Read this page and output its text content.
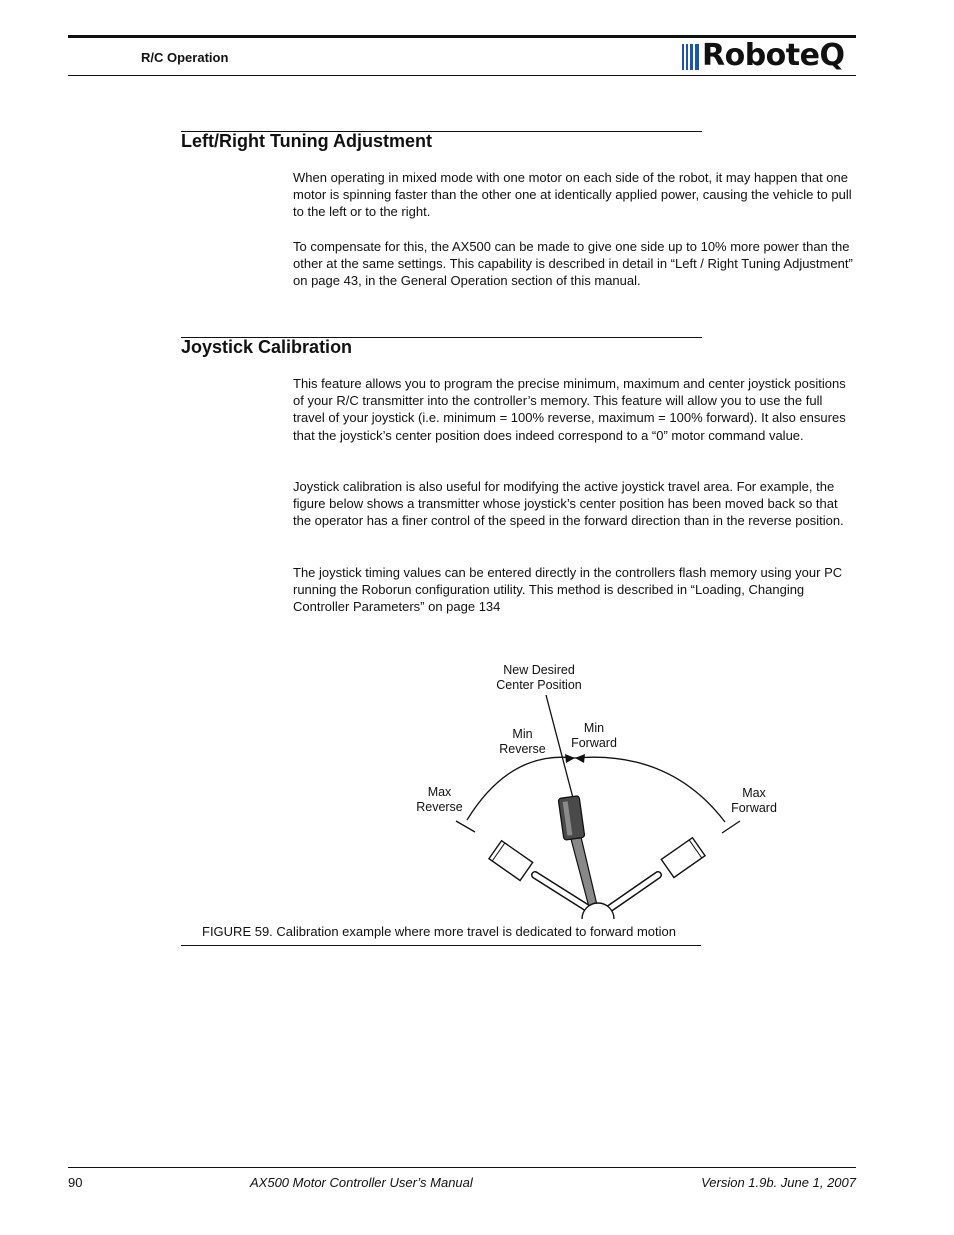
R/C Operation	RoboteQ
Left/Right Tuning Adjustment
When operating in mixed mode with one motor on each side of the robot, it may happen that one motor is spinning faster than the other one at identically applied power, causing the vehicle to pull to the left or to the right.
To compensate for this, the AX500 can be made to give one side up to 10% more power than the other at the same settings. This capability is described in detail in “Left / Right Tuning Adjustment” on page 43, in the General Operation section of this manual.
Joystick Calibration
This feature allows you to program the precise minimum, maximum and center joystick positions of your R/C transmitter into the controller’s memory. This feature will allow you to use the full travel of your joystick (i.e. minimum = 100% reverse, maximum = 100% forward). It also ensures that the joystick’s center position does indeed correspond to a “0” motor command value.
Joystick calibration is also useful for modifying the active joystick travel area. For example, the figure below shows a transmitter whose joystick’s center position has been moved back so that the operator has a finer control of the speed in the forward direction than in the reverse position.
The joystick timing values can be entered directly in the controllers flash memory using your PC running the Roborun configuration utility. This method is described in “Loading, Changing Controller Parameters” on page 134
New Desired
Center Position
Min
Reverse
Min
Forward
Max
Reverse
Max
Forward
FIGURE 59. Calibration example where more travel is dedicated to forward motion
90	AX500 Motor Controller User’s Manual	Version 1.9b. June 1, 2007
